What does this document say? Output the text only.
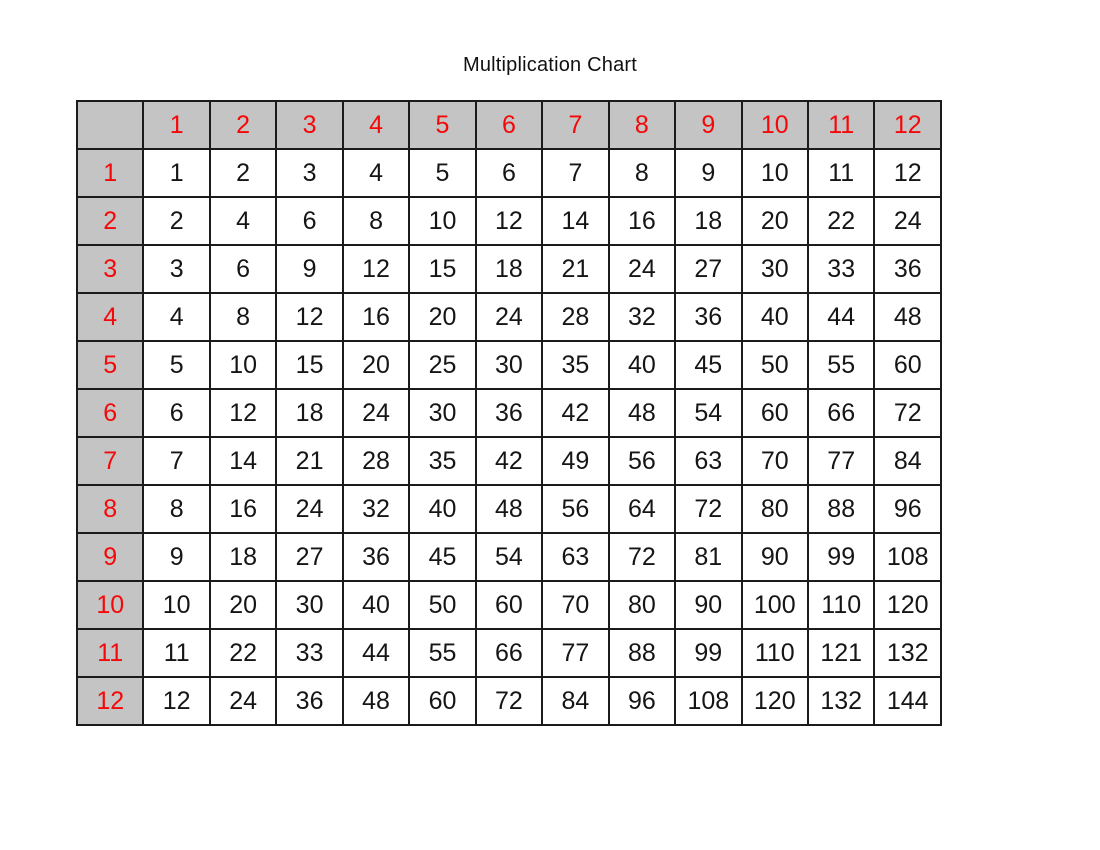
Multiplication Chart
	1	2	3	4	5	6	7	8	9	10	11	12
1	1	2	3	4	5	6	7	8	9	10	11	12
2	2	4	6	8	10	12	14	16	18	20	22	24
3	3	6	9	12	15	18	21	24	27	30	33	36
4	4	8	12	16	20	24	28	32	36	40	44	48
5	5	10	15	20	25	30	35	40	45	50	55	60
6	6	12	18	24	30	36	42	48	54	60	66	72
7	7	14	21	28	35	42	49	56	63	70	77	84
8	8	16	24	32	40	48	56	64	72	80	88	96
9	9	18	27	36	45	54	63	72	81	90	99	108
10	10	20	30	40	50	60	70	80	90	100	110	120
11	11	22	33	44	55	66	77	88	99	110	121	132
12	12	24	36	48	60	72	84	96	108	120	132	144
